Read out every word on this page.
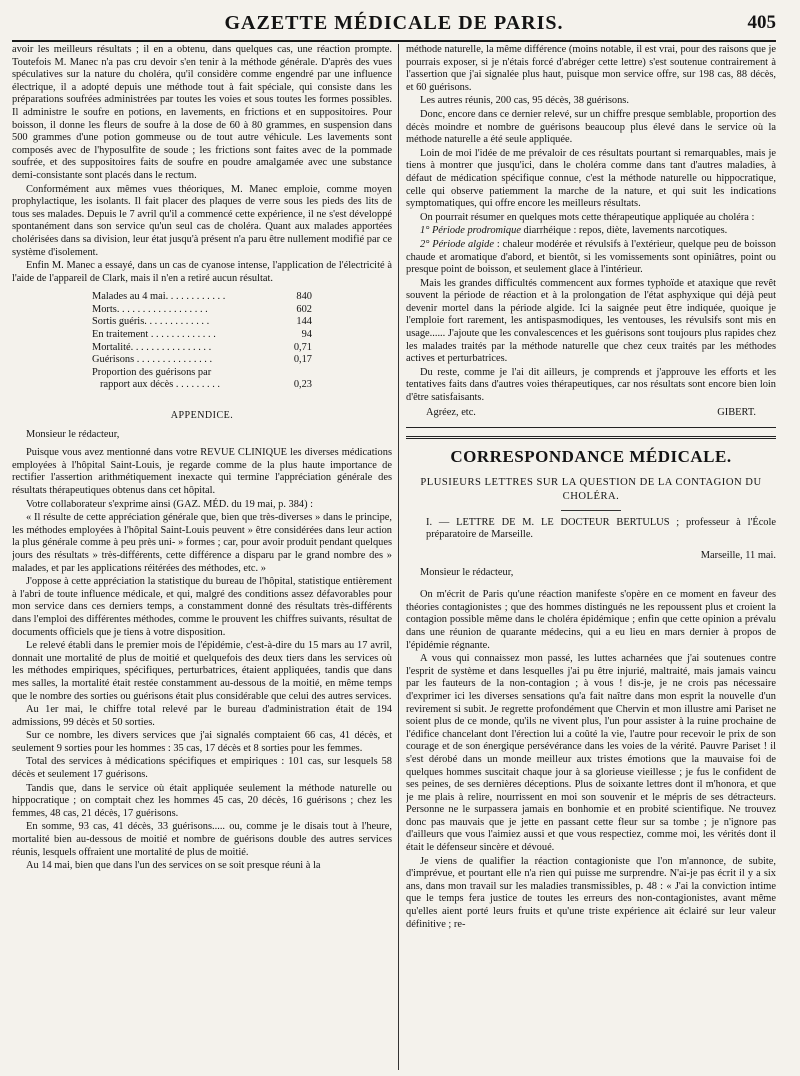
GAZETTE MÉDICALE DE PARIS.	405

avoir les meilleurs résultats ; il en a obtenu, dans quelques cas, une réaction prompte. Toutefois M. Manec n'a pas cru devoir s'en tenir à la méthode générale. D'après des vues spéculatives sur la nature du choléra, qu'il considère comme engendré par une influence électrique, il a adopté depuis une méthode tout à fait spéciale, qui consiste dans les préparations soufrées administrées par toutes les voies et sous toutes les formes possibles. Il administre le soufre en potions, en lavements, en frictions et en suppositoires. Pour boisson, il donne les fleurs de soufre à la dose de 60 à 80 grammes, en suspension dans 500 grammes d'une potion gommeuse ou de tout autre véhicule. Les lavements sont composés avec de l'hyposulfite de soude ; les frictions sont faites avec de la pommade soufrée, et des suppositoires faits de soufre en poudre amalgamée avec une substance demi-consistante sont placés dans le rectum.

Conformément aux mêmes vues théoriques, M. Manec emploie, comme moyen prophylactique, les isolants. Il fait placer des plaques de verre sous les pieds des lits de tous ses malades. Depuis le 7 avril qu'il a commencé cette expérience, il ne s'est développé spontanément dans son service qu'un seul cas de choléra. Quant aux malades apportées cholérisées dans sa division, leur état jusqu'à présent n'a paru être nullement modifié par ce système d'isolement.

Enfin M. Manec a essayé, dans un cas de cyanose intense, l'application de l'électricité à l'aide de l'appareil de Clark, mais il n'en a retiré aucun résultat.

Malades au 4 mai. . . . . . . . . . . .	840
Morts. . . . . . . . . . . . . . . . . .	602
Sortis guéris. . . . . . . . . . . . .	144
En traitement . . . . . . . . . . . . .	94
Mortalité. . . . . . . . . . . . . . . .	0,71
Guérisons . . . . . . . . . . . . . . .	0,17
Proportion des guérisons par
rapport aux décès . . . . . . . . .	0,23
APPENDICE.

Monsieur le rédacteur,

Puisque vous avez mentionné dans votre REVUE CLINIQUE les diverses médications employées à l'hôpital Saint-Louis, je regarde comme de la plus haute importance de rectifier l'assertion arithmétiquement inexacte qui termine l'appréciation générale des résultats thérapeutiques obtenus dans cet hôpital.

Votre collaborateur s'exprime ainsi (GAZ. MÉD. du 19 mai, p. 384) :

« Il résulte de cette appréciation générale que, bien que très-diverses » dans le principe, les méthodes employées à l'hôpital Saint-Louis peuvent » être considérées dans leur action la plus générale comme à peu près uni- » formes ; car, pour avoir produit pendant quelques jours des résultats » très-différents, cette différence a disparu par le grand nombre des » malades, et par les applications réitérées des méthodes, etc. »

J'oppose à cette appréciation la statistique du bureau de l'hôpital, statistique entièrement à l'abri de toute influence médicale, et qui, malgré des conditions assez défavorables pour mon service dans ces derniers temps, a constamment donné des résultats très-différents dans l'emploi des différentes méthodes, comme le prouvent les chiffres suivants, résultat de documents officiels que je tiens à votre disposition.

Le relevé établi dans le premier mois de l'épidémie, c'est-à-dire du 15 mars au 17 avril, donnait une mortalité de plus de moitié et quelquefois des deux tiers dans les services où les méthodes empiriques, spécifiques, perturbatrices, étaient appliquées, tandis que dans mes salles, la mortalité était restée constamment au-dessous de la moitié, en même temps que le nombre des sorties ou guérisons était plus considérable que celui des autres services.

Au 1er mai, le chiffre total relevé par le bureau d'administration était de 194 admissions, 99 décès et 50 sorties.

Sur ce nombre, les divers services que j'ai signalés comptaient 66 cas, 41 décès, et seulement 9 sorties pour les hommes : 35 cas, 17 décès et 8 sorties pour les femmes.

Total des services à médications spécifiques et empiriques : 101 cas, sur lesquels 58 décès et seulement 17 guérisons.

Tandis que, dans le service où était appliquée seulement la méthode naturelle ou hippocratique ; on comptait chez les hommes 45 cas, 20 décès, 16 guérisons ; chez les femmes, 48 cas, 21 décès, 17 guérisons.

En somme, 93 cas, 41 décès, 33 guérisons..... ou, comme je le disais tout à l'heure, mortalité bien au-dessous de moitié et nombre de guérisons double des autres services réunis, lesquels offraient une mortalité de plus de moitié.

Au 14 mai, bien que dans l'un des services on se soit presque réuni à la

méthode naturelle, la même différence (moins notable, il est vrai, pour des raisons que je pourrais exposer, si je n'étais forcé d'abréger cette lettre) s'est soutenue contrairement à l'assertion que j'ai signalée plus haut, puisque mon service offre, sur 198 cas, 88 décès, et 60 guérisons.

Les autres réunis, 200 cas, 95 décès, 38 guérisons.

Donc, encore dans ce dernier relevé, sur un chiffre presque semblable, proportion des décès moindre et nombre de guérisons beaucoup plus élevé dans le service où la méthode naturelle a été seule appliquée.

Loin de moi l'idée de me prévaloir de ces résultats pourtant si remarquables, mais je tiens à montrer que jusqu'ici, dans le choléra comme dans tant d'autres maladies, à défaut de médication spécifique connue, c'est la méthode naturelle ou hippocratique, celle qui observe patiemment la marche de la nature, et qui suit les indications symptomatiques, qui offre encore les meilleurs résultats.

On pourrait résumer en quelques mots cette thérapeutique appliquée au choléra :

1° Période prodromique diarrhéique : repos, diète, lavements narcotiques.

2° Période algide : chaleur modérée et révulsifs à l'extérieur, quelque peu de boisson chaude et aromatique d'abord, et bientôt, si les vomissements sont opiniâtres, point ou presque point de boisson, et seulement glace à l'intérieur.

Mais les grandes difficultés commencent aux formes typhoïde et ataxique que revêt souvent la période de réaction et à la prolongation de l'état asphyxique qui déjà peut devenir mortel dans la période algide. Ici la saignée peut être indiquée, quoique je l'emploie fort rarement, les antispasmodiques, les ventouses, les révulsifs sont mis en usage...... J'ajoute que les convalescences et les guérisons sont toujours plus rapides chez les malades traités par la méthode naturelle que chez ceux traités par les méthodes actives et perturbatrices.

Du reste, comme je l'ai dit ailleurs, je comprends et j'approuve les efforts et les tentatives faits dans d'autres voies thérapeutiques, car nos résultats sont encore bien loin d'être satisfaisants.

Agréez, etc.	GIBERT.
CORRESPONDANCE MÉDICALE.
PLUSIEURS LETTRES SUR LA QUESTION DE LA CONTAGION DU CHOLÉRA.

I. — LETTRE DE M. LE DOCTEUR BERTULUS ; professeur à l'École préparatoire de Marseille.

Marseille, 11 mai.

Monsieur le rédacteur,

On m'écrit de Paris qu'une réaction manifeste s'opère en ce moment en faveur des théories contagionistes ; que des hommes distingués ne les repoussent plus et croient la contagion possible même dans le choléra épidémique ; enfin que cette opinion a prévalu dans une réunion de quarante médecins, qui a eu lieu en mars dernier à propos de l'épidémie régnante.

A vous qui connaissez mon passé, les luttes acharnées que j'ai soutenues contre l'esprit de système et dans lesquelles j'ai pu être injurié, maltraité, mais jamais vaincu par les fauteurs de la non-contagion ; à vous ! dis-je, je ne crois pas nécessaire d'exprimer ici les diverses sensations qu'a fait naître dans mon esprit la nouvelle d'un revirement si subit. Je regrette profondément que Chervin et mon illustre ami Pariset ne soient plus de ce monde, qu'ils ne vivent plus, l'un pour assister à la ruine prochaine de l'édifice chancelant dont l'érection lui a coûté la vie, l'autre pour recevoir le prix de son courage et de son énergique persévérance dans les voies de la vérité. Pauvre Pariset ! il s'est dérobé dans un monde meilleur aux tristes émotions que la mauvaise foi de quelques hommes suscitait chaque jour à sa glorieuse vieillesse ; je fus le confident de ses peines, de ses dernières déceptions. Plus de soixante lettres dont il m'honora, et que je me plais à relire, nourrissent en moi son souvenir et le mépris de ses détracteurs. Personne ne le surpassera jamais en bonhomie et en probité scientifique. Ne trouvez donc pas mauvais que je jette en passant cette fleur sur sa tombe ; je n'ignore pas d'ailleurs que vous l'aimiez aussi et que vous respectiez, comme moi, les vérités dont il était le défenseur sincère et dévoué.

Je viens de qualifier la réaction contagioniste que l'on m'annonce, de subite, d'imprévue, et pourtant elle n'a rien qui puisse me surprendre. N'ai-je pas écrit il y a six ans, dans mon travail sur les maladies transmissibles, p. 48 : « J'ai la conviction intime que le temps fera justice de toutes les erreurs des non-contagionistes, avant même qu'elles aient porté leurs fruits et qu'une triste expérience ait éclairé sur leur valeur définitive ; re-
